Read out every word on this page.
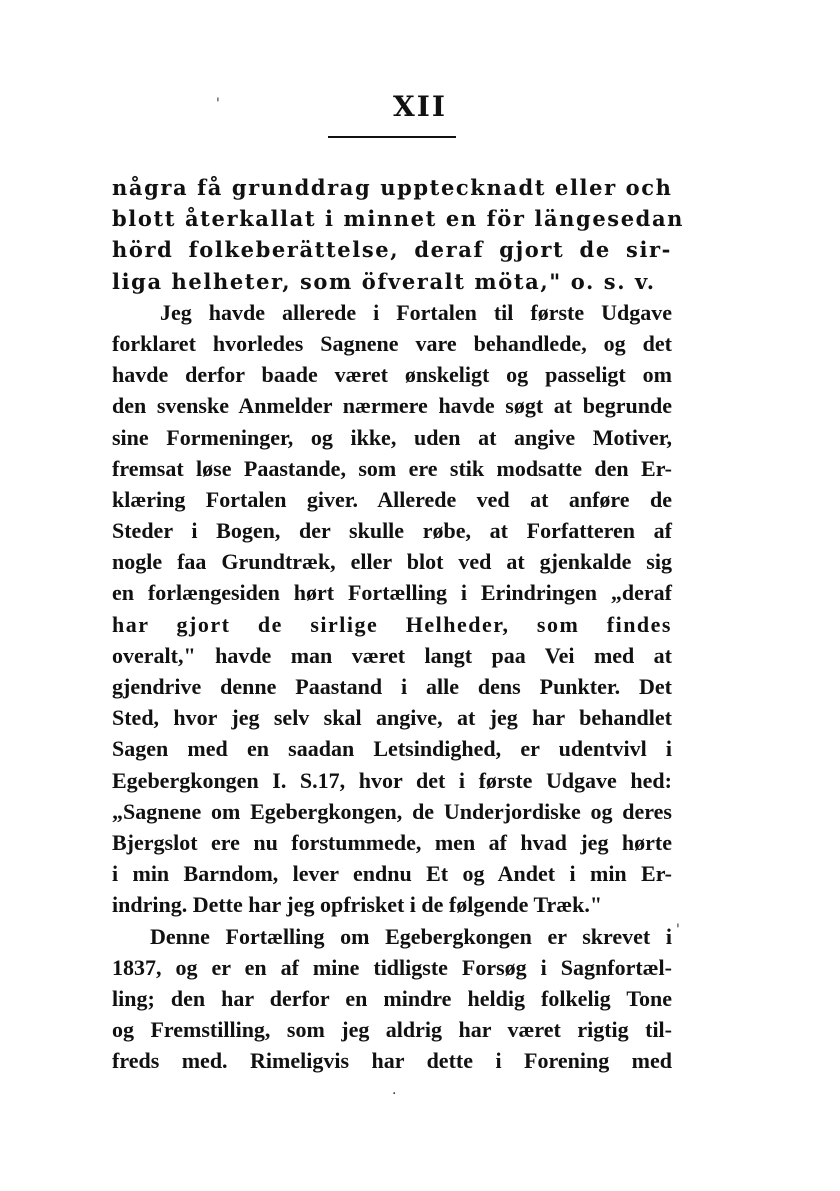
XII
'
några få grunddrag upptecknadt eller och
blott återkallat i minnet en för längesedan
hörd folkeberättelse, deraf gjort de sir-
liga helheter, som öfveralt möta," o. s. v.
Jeg havde allerede i Fortalen til første Udgave
forklaret hvorledes Sagnene vare behandlede, og det
havde derfor baade været ønskeligt og passeligt om
den svenske Anmelder nærmere havde søgt at begrunde
sine Formeninger, og ikke, uden at angive Motiver,
fremsat løse Paastande, som ere stik modsatte den Er-
klæring Fortalen giver. Allerede ved at anføre de
Steder i Bogen, der skulle røbe, at Forfatteren af
nogle faa Grundtræk, eller blot ved at gjenkalde sig
en forlængesiden hørt Fortælling i Erindringen „deraf
har gjort de sirlige Helheder, som findes
overalt," havde man været langt paa Vei med at
gjendrive denne Paastand i alle dens Punkter. Det
Sted, hvor jeg selv skal angive, at jeg har behandlet
Sagen med en saadan Letsindighed, er udentvivl i
Egebergkongen I. S.17, hvor det i første Udgave hed:
„Sagnene om Egebergkongen, de Underjordiske og deres
Bjergslot ere nu forstummede, men af hvad jeg hørte
i min Barndom, lever endnu Et og Andet i min Er-
indring. Dette har jeg opfrisket i de følgende Træk."
Denne Fortælling om Egebergkongen er skrevet i
1837, og er en af mine tidligste Forsøg i Sagnfortæl-
ling; den har derfor en mindre heldig folkelig Tone
og Fremstilling, som jeg aldrig har været rigtig til-
freds med. Rimeligvis har dette i Forening med
'
·
